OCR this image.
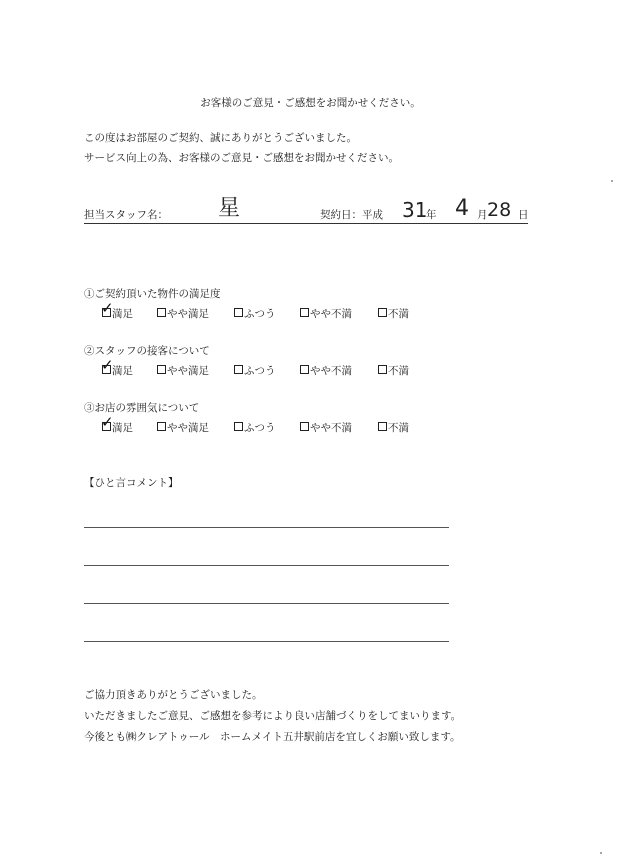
お客様のご意見・ご感想をお聞かせください。
この度はお部屋のご契約、誠にありがとうございました。
サービス向上の為、お客様のご意見・ご感想をお聞かせください。
担当スタッフ名： 星	契約日：平成 31
年 4 月 28 日
①ご契約頂いた物件の満足度
✓
満足	やや満足	ふつう	やや不満	不満
②スタッフの接客について
✓
満足	やや満足	ふつう	やや不満	不満
③お店の雰囲気について
✓
満足	やや満足	ふつう	やや不満	不満
【ひと言コメント】
ご協力頂きありがとうございました。
いただきましたご意見、ご感想を参考により良い店舗づくりをしてまいります。
今後とも㈱クレアトゥール　ホームメイト五井駅前店を宜しくお願い致します。
